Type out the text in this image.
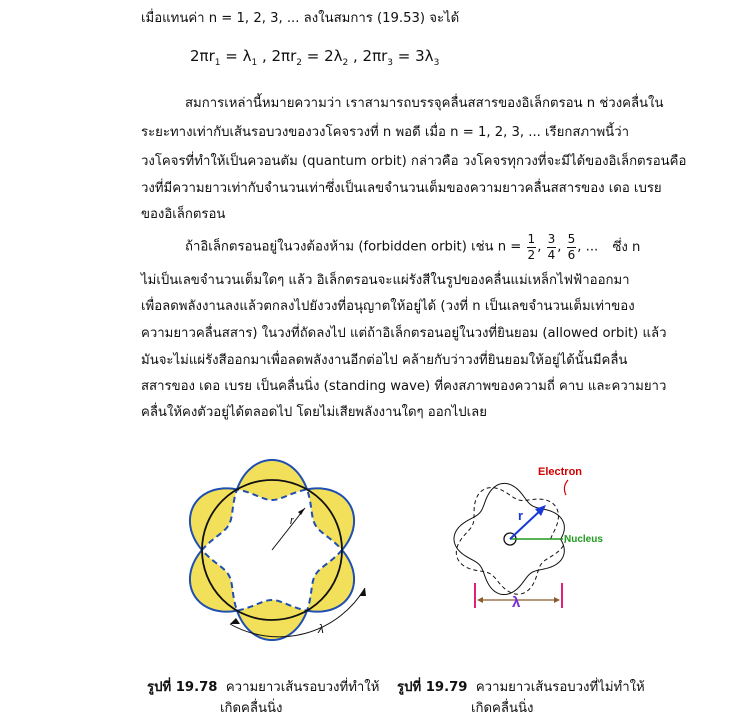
เมื่อแทนค่า n = 1, 2, 3, ... ลงในสมการ (19.53) จะได้
$2\pi r_1 = \lambda_1$ , $2\pi r_2 = 2\lambda_2$ , $2\pi r_3 = 3\lambda_3$
สมการเหล่านี้หมายความว่า เราสามารถบรรจุคลื่นสสารของอิเล็กตรอน n ช่วงคลื่นใน
ระยะทางเท่ากับเส้นรอบวงของวงโคจรวงที่ n พอดี เมื่อ n = 1, 2, 3, ... เรียกสภาพนี้ว่า
วงโคจรที่ทำให้เป็นควอนตัม (quantum orbit) กล่าวคือ วงโคจรทุกวงที่จะมีได้ของอิเล็กตรอนคือ
วงที่มีความยาวเท่ากับจำนวนเท่าซึ่งเป็นเลขจำนวนเต็มของความยาวคลื่นสสารของ เดอ เบรย
ของอิเล็กตรอน
ถ้าอิเล็กตรอนอยู่ในวงต้องห้าม (forbidden orbit) เช่น $n = \frac{1}{2}$ , $\frac{3}{4}$ , $\frac{5}{6}$ , ... ซึ่ง n
ไม่เป็นเลขจำนวนเต็มใดๆ แล้ว อิเล็กตรอนจะแผ่รังสีในรูปของคลื่นแม่เหล็กไฟฟ้าออกมา
เพื่อลดพลังงานลงแล้วตกลงไปยังวงที่อนุญาตให้อยู่ได้ (วงที่ n เป็นเลขจำนวนเต็มเท่าของ
ความยาวคลื่นสสาร) ในวงที่ถัดลงไป แต่ถ้าอิเล็กตรอนอยู่ในวงที่ยินยอม (allowed orbit) แล้ว
มันจะไม่แผ่รังสีออกมาเพื่อลดพลังงานอีกต่อไป คล้ายกับว่าวงที่ยินยอมให้อยู่ได้นั้นมีคลื่น
สสารของ เดอ เบรย เป็นคลื่นนิ่ง (standing wave) ที่คงสภาพของความถี่ คาบ และความยาว
คลื่นให้คงตัวอยู่ได้ตลอดไป โดยไม่เสียพลังงานใดๆ ออกไปเลย
r
λ
Electron
Nucleus
r
λ
รูปที่ 19.78 ความยาวเส้นรอบวงที่ทำให้
เกิดคลื่นนิ่ง
รูปที่ 19.79 ความยาวเส้นรอบวงที่ไม่ทำให้
เกิดคลื่นนิ่ง
